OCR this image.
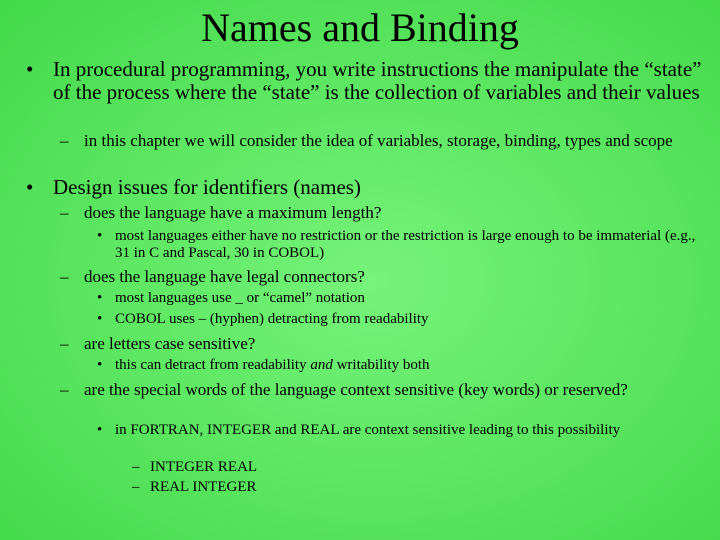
Names and Binding
• In procedural programming, you write instructions the manipulate the “state” of the process where the “state” is the collection of variables and their values
– in this chapter we will consider the idea of variables, storage, binding, types and scope
• Design issues for identifiers (names)
– does the language have a maximum length?
• most languages either have no restriction or the restriction is large enough to be immaterial (e.g., 31 in C and Pascal, 30 in COBOL)
– does the language have legal connectors?
• most languages use _ or “camel” notation
• COBOL uses – (hyphen) detracting from readability
– are letters case sensitive?
• this can detract from readability and writability both
– are the special words of the language context sensitive (key words) or reserved?
• in FORTRAN, INTEGER and REAL are context sensitive leading to this possibility
– INTEGER REAL
– REAL INTEGER
